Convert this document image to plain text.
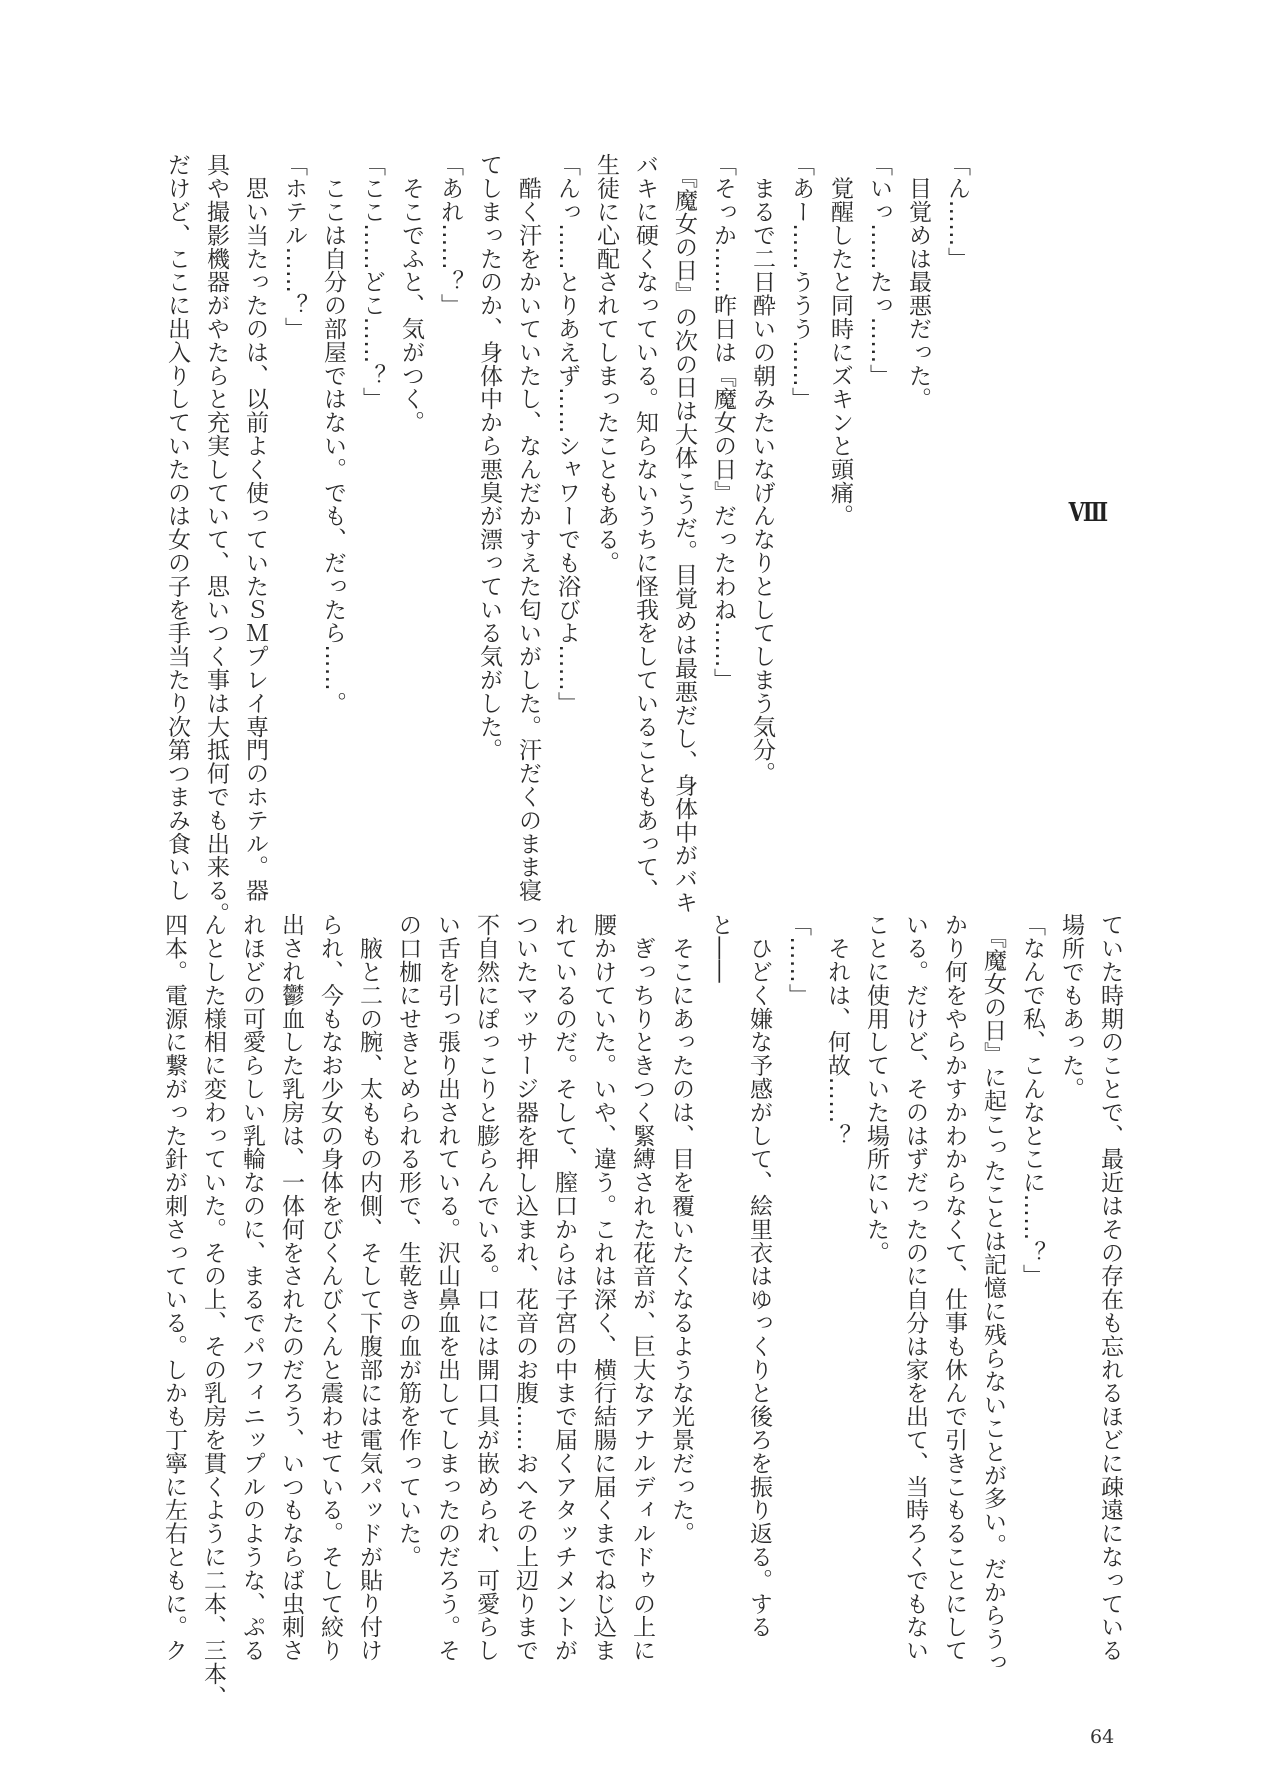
Ⅷ
「ん……」
　目覚めは最悪だった。
「いっ……たっ……」
　覚醒したと同時にズキンと頭痛。
「あー……ううう……」
　まるで二日酔いの朝みたいなげんなりとしてしまう気分。
「そっか……昨日は『魔女の日』だったわね……」
　『魔女の日』の次の日は大体こうだ。目覚めは最悪だし、身体中がバキ
バキに硬くなっている。知らないうちに怪我をしていることもあって、
生徒に心配されてしまったこともある。
「んっ……とりあえず……シャワーでも浴びよ……」
　酷く汗をかいていたし、なんだかすえた匂いがした。汗だくのまま寝
てしまったのか、身体中から悪臭が漂っている気がした。
「あれ……？」
　そこでふと、気がつく。
「ここ……どこ……？」
　ここは自分の部屋ではない。でも、だったら……。
「ホテル……？」
　思い当たったのは、以前よく使っていたＳＭプレイ専門のホテル。器
具や撮影機器がやたらと充実していて、思いつく事は大抵何でも出来る。
だけど、ここに出入りしていたのは女の子を手当たり次第つまみ食いし
ていた時期のことで、最近はその存在も忘れるほどに疎遠になっている
場所でもあった。
「なんで私、こんなとこに……？」
　『魔女の日』に起こったことは記憶に残らないことが多い。だからうっ
かり何をやらかすかわからなくて、仕事も休んで引きこもることにして
いる。だけど、そのはずだったのに自分は家を出て、当時ろくでもない
ことに使用していた場所にいた。
　それは、何故……？
「……」
　ひどく嫌な予感がして、絵里衣はゆっくりと後ろを振り返る。する
と――
　そこにあったのは、目を覆いたくなるような光景だった。
　ぎっちりときつく緊縛された花音が、巨大なアナルディルドゥの上に
腰かけていた。いや、違う。これは深く、横行結腸に届くまでねじ込ま
れているのだ。そして、膣口からは子宮の中まで届くアタッチメントが
ついたマッサージ器を押し込まれ、花音のお腹……おへその上辺りまで
不自然にぽっこりと膨らんでいる。口には開口具が嵌められ、可愛らし
い舌を引っ張り出されている。沢山鼻血を出してしまったのだろう。そ
の口枷にせきとめられる形で、生乾きの血が筋を作っていた。
　腋と二の腕、太ももの内側、そして下腹部には電気パッドが貼り付け
られ、今もなお少女の身体をびくんびくんと震わせている。そして絞り
出され鬱血した乳房は、一体何をされたのだろう、いつもならば虫刺さ
れほどの可愛らしい乳輪なのに、まるでパフィニップルのような、ぷる
んとした様相に変わっていた。その上、その乳房を貫くように二本、三本、
四本。電源に繋がった針が刺さっている。しかも丁寧に左右ともに。ク
64
